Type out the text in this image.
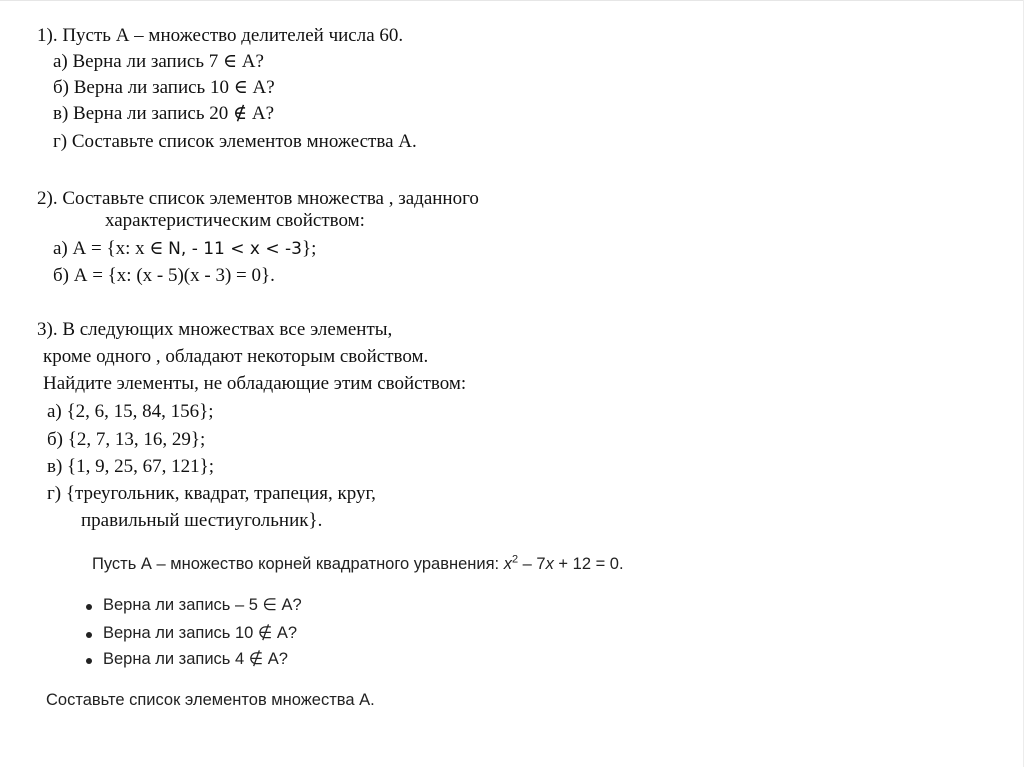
1). Пусть А – множество делителей числа 60.
а) Верна ли запись 7 ∈ А?
б) Верна ли запись 10 ∈ А?
в) Верна ли запись 20 ∉ А?
г) Составьте список элементов множества А.
2). Составьте список элементов множества , заданного
характеристическим свойством:
а) А = {х: х ∈ N, - 11 < x < -3};
б) А = {х: (х - 5)(х - 3) = 0}.
3). В следующих множествах все элементы,
кроме одного , обладают некоторым свойством.
Найдите элементы, не обладающие этим свойством:
а) {2, 6, 15, 84, 156};
б) {2, 7, 13, 16, 29};
в) {1, 9, 25, 67, 121};
г) {треугольник, квадрат, трапеция, круг,
правильный шестиугольник}.
Пусть А – множество корней квадратного уравнения: $x^2 - 7x + 12 = 0$.
Верна ли запись – 5 ∈ А?
Верна ли запись 10 ∉ А?
Верна ли запись 4 ∉ А?
Составьте список элементов множества А.
